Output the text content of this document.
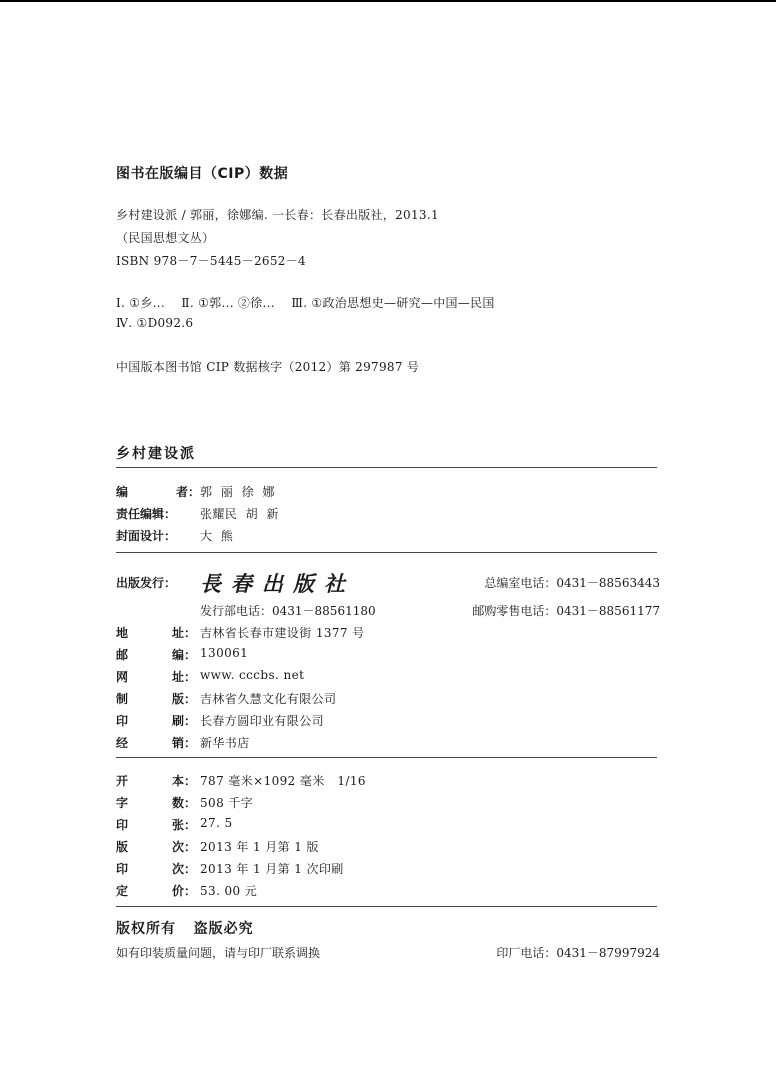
图书在版编目（CIP）数据
乡村建设派 / 郭丽，徐娜编. 一长春：长春出版社，2013.1
（民国思想文丛）
ISBN 978－7－5445－2652－4
Ⅰ. ①乡...    Ⅱ. ①郭... ②徐...    Ⅲ. ①政治思想史—研究—中国—民国
Ⅳ. ①D092.6
中国版本图书馆 CIP 数据核字（2012）第 297987 号
乡村建设派
编	者 ： 郭  丽  徐  娜
责任编辑：	张耀民  胡  新
封面设计：	大  熊
出版发行：	長春出版社	总编室电话：0431－88563443
发行部电话：0431－88561180	邮购零售电话：0431－88561177
地	址 ： 吉林省长春市建设街 1377 号
邮	编 ： 130061
网	址 ： www. cccbs. net
制	版 ： 吉林省久慧文化有限公司
印	刷 ： 长春方圆印业有限公司
经	销 ： 新华书店
开	本 ： 787 毫米×1092 毫米   1/16
字	数 ： 508 千字
印	张 ： 27. 5
版	次 ： 2013 年 1 月第 1 版
印	次 ： 2013 年 1 月第 1 次印刷
定	价 ： 53. 00 元
版权所有   盗版必究
如有印装质量问题，请与印厂联系调换	印厂电话：0431－87997924
